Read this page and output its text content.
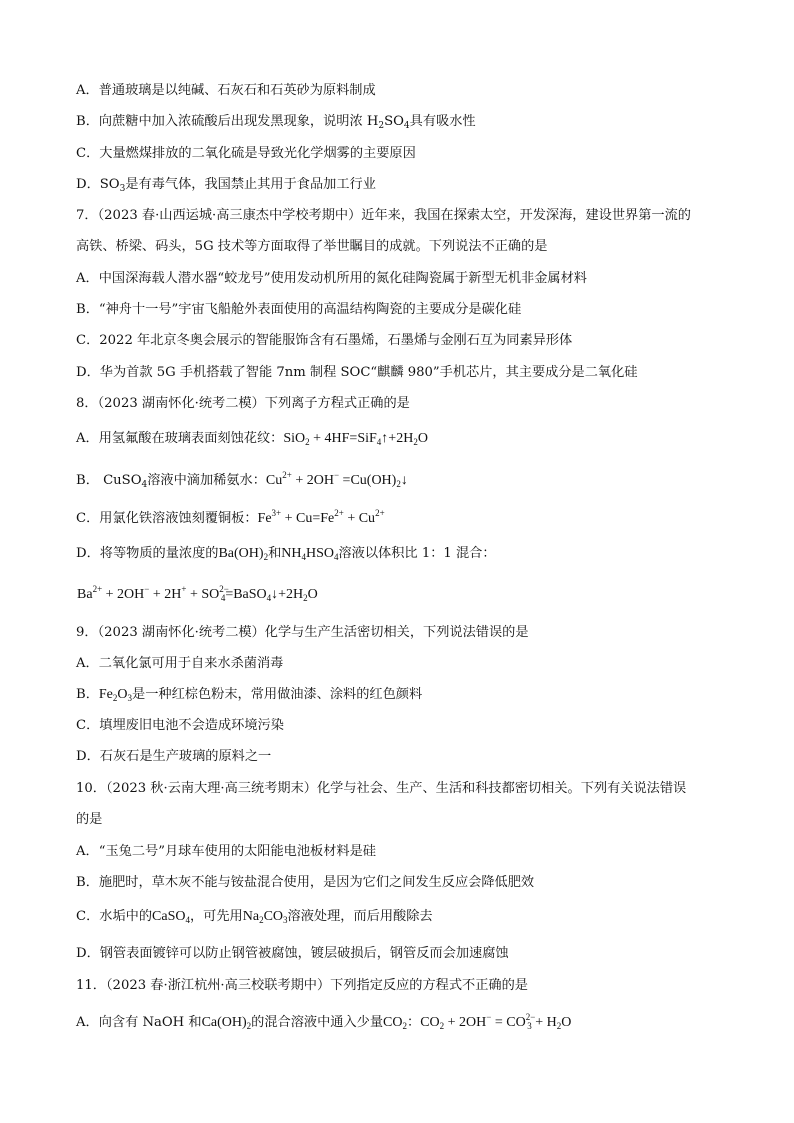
A．普通玻璃是以纯碱、石灰石和石英砂为原料制成
B．向蔗糖中加入浓硫酸后出现发黑现象，说明浓 $H_2SO_4$具有吸水性
C．大量燃煤排放的二氧化硫是导致光化学烟雾的主要原因
D．$SO_3$是有毒气体，我国禁止其用于食品加工行业
7．（2023 春·山西运城·高三康杰中学校考期中）近年来，我国在探索太空，开发深海，建设世界第一流的
高铁、桥梁、码头，5G 技术等方面取得了举世瞩目的成就。下列说法不正确的是
A．中国深海载人潜水器“蛟龙号”使用发动机所用的氮化硅陶瓷属于新型无机非金属材料
B．“神舟十一号”宇宙飞船舱外表面使用的高温结构陶瓷的主要成分是碳化硅
C．2022 年北京冬奥会展示的智能服饰含有石墨烯，石墨烯与金刚石互为同素异形体
D．华为首款 5G 手机搭载了智能 7nm 制程 SOC“麒麟 980”手机芯片，其主要成分是二氧化硅
8．（2023 湖南怀化·统考二模）下列离子方程式正确的是
A．用氢氟酸在玻璃表面刻蚀花纹：$SiO_2 + 4HF=SiF_4↑+2H_2O$
B． CuSO$_4$溶液中滴加稀氨水：$Cu^{2+} + 2OH^-$ $=Cu(OH)_2↓$
C．用氯化铁溶液蚀刻覆铜板：$Fe^{3+} + Cu=Fe^{2+} + Cu^{2+}$
D．将等物质的量浓度的$Ba(OH)_2$和$NH_4HSO_4$溶液以体积比 1：1 混合：
$Ba^{2+} + 2OH^- + 2H^+$ + $SO^{2-}_4=BaSO_4↓+2H_2O$
9．（2023 湖南怀化·统考二模）化学与生产生活密切相关，下列说法错误的是
A．二氧化氯可用于自来水杀菌消毒
B．$Fe_2O_3$是一种红棕色粉末，常用做油漆、涂料的红色颜料
C．填埋废旧电池不会造成环境污染
D．石灰石是生产玻璃的原料之一
10．（2023 秋·云南大理·高三统考期末）化学与社会、生产、生活和科技都密切相关。下列有关说法错误
的是
A．“玉兔二号”月球车使用的太阳能电池板材料是硅
B．施肥时，草木灰不能与铵盐混合使用，是因为它们之间发生反应会降低肥效
C．水垢中的CaSO$_4$，可先用$Na_2CO_3$溶液处理，而后用酸除去
D．钢管表面镀锌可以防止钢管被腐蚀，镀层破损后，钢管反而会加速腐蚀
11．（2023 春·浙江杭州·高三校联考期中）下列指定反应的方程式不正确的是
A．向含有 NaOH 和$Ca(OH)_2$的混合溶液中通入少量$CO_2$：$CO_2 + 2OH^- = CO^{2-}_3 + H_2O$
